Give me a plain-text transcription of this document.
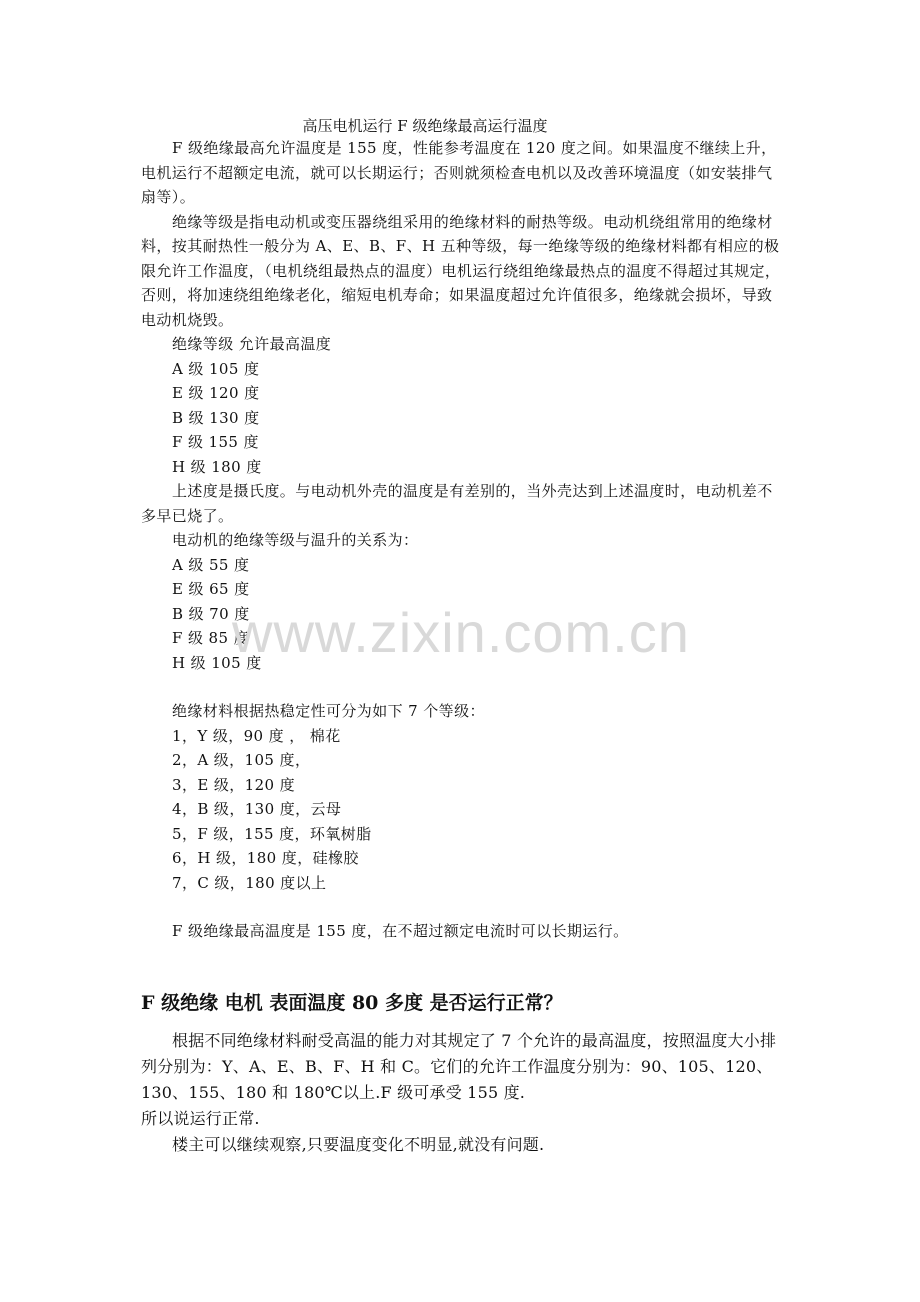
高压电机运行 F 级绝缘最高运行温度

F 级绝缘最高允许温度是 155 度，性能参考温度在 120 度之间。如果温度不继续上升，电机运行不超额定电流，就可以长期运行；否则就须检查电机以及改善环境温度（如安装排气扇等）。

绝缘等级是指电动机或变压器绕组采用的绝缘材料的耐热等级。电动机绕组常用的绝缘材料，按其耐热性一般分为 A、E、B、F、H 五种等级，每一绝缘等级的绝缘材料都有相应的极限允许工作温度，（电机绕组最热点的温度）电机运行绕组绝缘最热点的温度不得超过其规定，否则，将加速绕组绝缘老化，缩短电机寿命；如果温度超过允许值很多，绝缘就会损坏，导致电动机烧毁。

绝缘等级 允许最高温度
A 级 105 度
E 级 120 度
B 级 130 度
F 级 155 度
H 级 180 度

上述度是摄氏度。与电动机外壳的温度是有差别的，当外壳达到上述温度时，电动机差不多早已烧了。

电动机的绝缘等级与温升的关系为：
A 级 55 度
E 级 65 度
B 级 70 度
F 级 85 度
H 级 105 度
绝缘材料根据热稳定性可分为如下 7 个等级：
1，Y 级，90 度 ， 棉花
2，A 级，105 度，
3，E 级，120 度
4，B 级，130 度，云母
5，F 级，155 度，环氧树脂
6，H 级，180 度，硅橡胶
7，C 级，180 度以上
F 级绝缘最高温度是 155 度，在不超过额定电流时可以长期运行。
F 级绝缘 电机 表面温度 80 多度 是否运行正常？

根据不同绝缘材料耐受高温的能力对其规定了 7 个允许的最高温度，按照温度大小排列分别为：Y、A、E、B、F、H 和 C。它们的允许工作温度分别为：90、105、120、130、155、180 和 180℃以上.F 级可承受 155 度.

所以说运行正常.

楼主可以继续观察,只要温度变化不明显,就没有问题.

www.zixin.com.cn
